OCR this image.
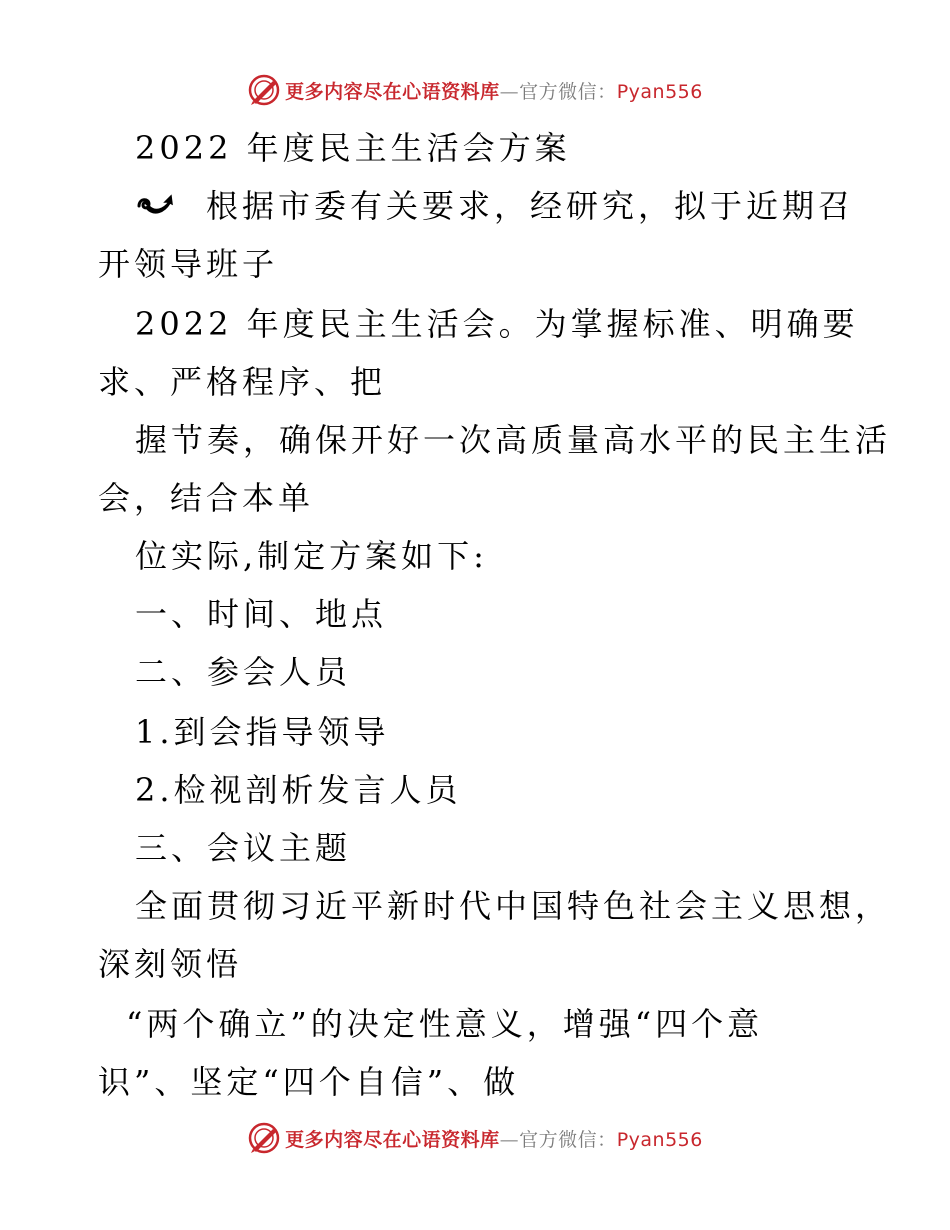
更多内容尽在心语资料库—官方微信：Pyan556
2022 年度民主生活会方案
根据市委有关要求，经研究，拟于近期召
开领导班子
2022 年度民主生活会。为掌握标准、明确要
求、严格程序、把
握节奏，确保开好一次高质量高水平的民主生活
会，结合本单
位实际,制定方案如下:
一、时间、地点
二、参会人员
1.到会指导领导
2.检视剖析发言人员
三、会议主题
全面贯彻习近平新时代中国特色社会主义思想，
深刻领悟
“两个确立”的决定性意义，增强“四个意
识”、坚定“四个自信”、做
更多内容尽在心语资料库—官方微信：Pyan556
